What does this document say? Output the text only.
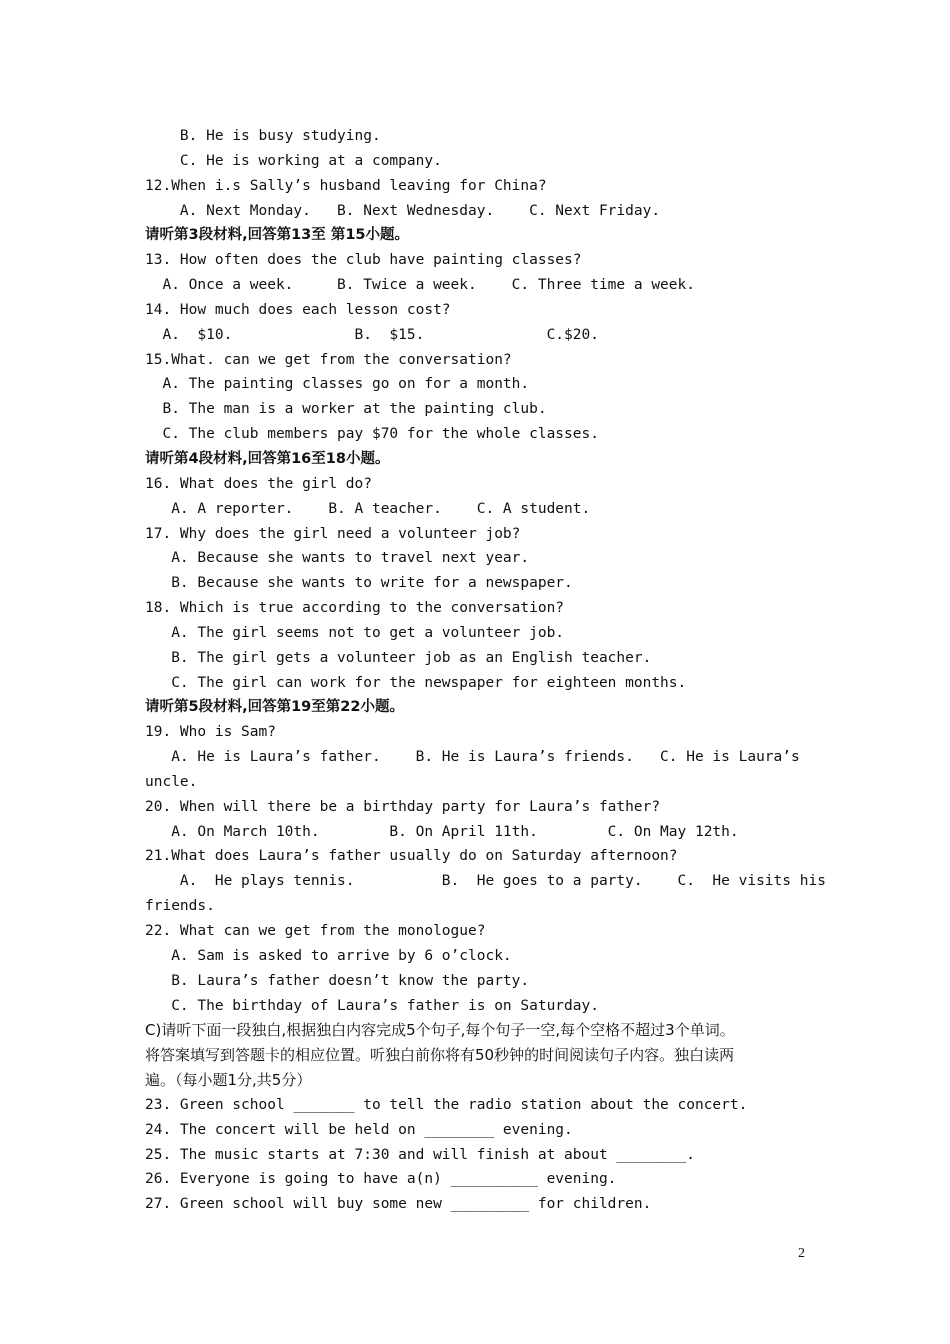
B. He is busy studying.
C. He is working at a company.
12.When i.s Sally’s husband leaving for China?
A. Next Monday.   B. Next Wednesday.    C. Next Friday.
请听第3段材料,回答第13至 第15小题。
13. How often does the club have painting classes?
A. Once a week.     B. Twice a week.    C. Three time a week.
14. How much does each lesson cost?
A.  $10.              B.  $15.              C.$20.
15.What. can we get from the conversation?
A. The painting classes go on for a month.
B. The man is a worker at the painting club.
C. The club members pay $70 for the whole classes.
请听第4段材料,回答第16至18小题。
16. What does the girl do?
A. A reporter.    B. A teacher.    C. A student.
17. Why does the girl need a volunteer job?
A. Because she wants to travel next year.
B. Because she wants to write for a newspaper.
18. Which is true according to the conversation?
A. The girl seems not to get a volunteer job.
B. The girl gets a volunteer job as an English teacher.
C. The girl can work for the newspaper for eighteen months.
请听第5段材料,回答第19至第22小题。
19. Who is Sam?
A. He is Laura’s father.    B. He is Laura’s friends.   C. He is Laura’s
uncle.
20. When will there be a birthday party for Laura’s father?
A. On March 10th.        B. On April 11th.        C. On May 12th.
21.What does Laura’s father usually do on Saturday afternoon?
A.  He plays tennis.          B.  He goes to a party.    C.  He visits his
friends.
22. What can we get from the monologue?
A. Sam is asked to arrive by 6 o’clock.
B. Laura’s father doesn’t know the party.
C. The birthday of Laura’s father is on Saturday.
C)请听下面一段独白,根据独白内容完成5个句子,每个句子一空,每个空格不超过3个单词。
将答案填写到答题卡的相应位置。听独白前你将有50秒钟的时间阅读句子内容。独白读两
遍。（每小题1分,共5分）
23. Green school _______ to tell the radio station about the concert.
24. The concert will be held on ________ evening.
25. The music starts at 7:30 and will finish at about ________.
26. Everyone is going to have a(n) __________ evening.
27. Green school will buy some new _________ for children.
2
